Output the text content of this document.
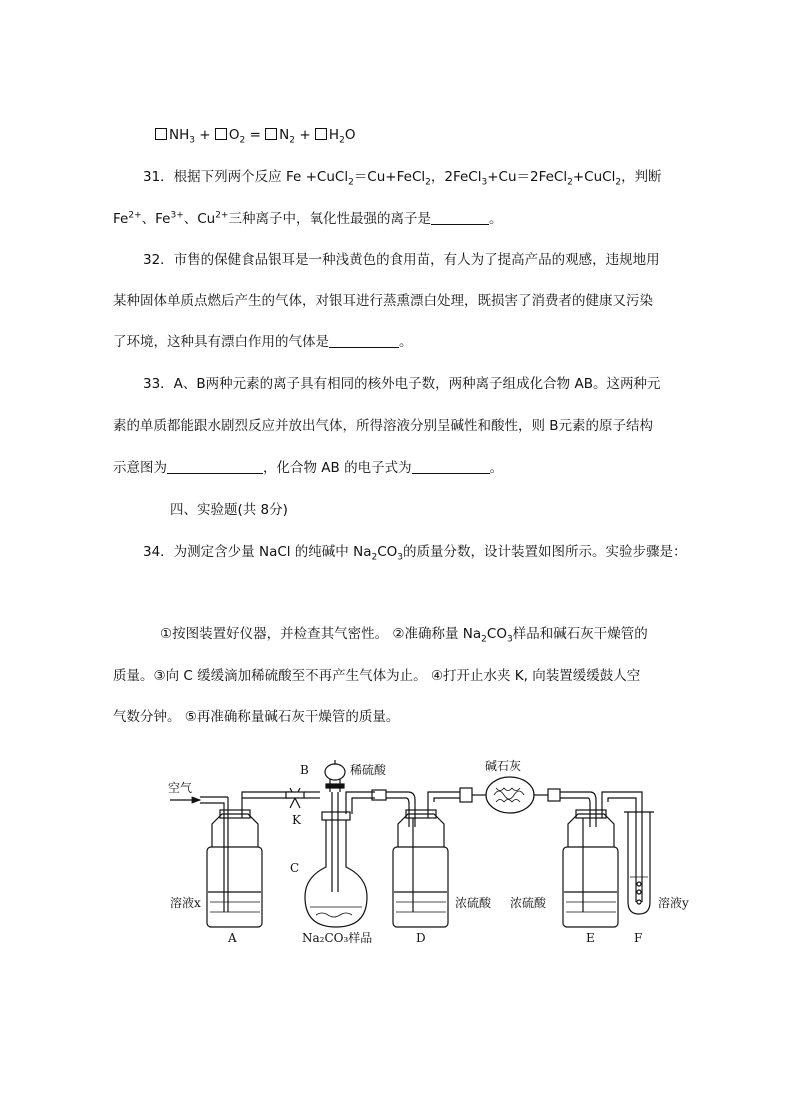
$NH_3 + O_2 = N_2 + H_2O$
31．根据下列两个反应 Fe +CuCl$_2$＝Cu+FeCl$_2$，2FeCl$_3$+Cu＝2FeCl$_2$+CuCl$_2$，判断
$Fe^{2+}$、$Fe^{3+}$、$Cu^{2+}$三种离子中，氧化性最强的离子是	。
32．市售的保健食品银耳是一种浅黄色的食用苗，有人为了提高产品的观感，违规地用
某种固体单质点燃后产生的气体，对银耳进行蒸熏漂白处理，既损害了消费者的健康又污染
了环境，这种具有漂白作用的气体是	。
33．A、B两种元素的离子具有相同的核外电子数，两种离子组成化合物 AB。这两种元
素的单质都能跟水剧烈反应并放出气体，所得溶液分别呈碱性和酸性，则 B元素的原子结构
示意图为	，化合物 AB 的电子式为	。
四、实验题(共 8分)
34．为测定含少量 NaCl 的纯碱中 $Na_2CO_3$的质量分数，设计装置如图所示。实验步骤是：
①按图装置好仪器，并检查其气密性。 ②准确称量 $Na_2CO_3$样品和碱石灰干燥管的
质量。③向 C 缓缓滴加稀硫酸至不再产生气体为止。 ④打开止水夹 K, 向装置缓缓鼓人空
气数分钟。 ⑤再准确称量碱石灰干燥管的质量。
空气
B	稀硫酸	碱石灰
K
C
溶液x
Na₂CO₃样品
浓硫酸 浓硫酸	溶液y
A	D	E	F
